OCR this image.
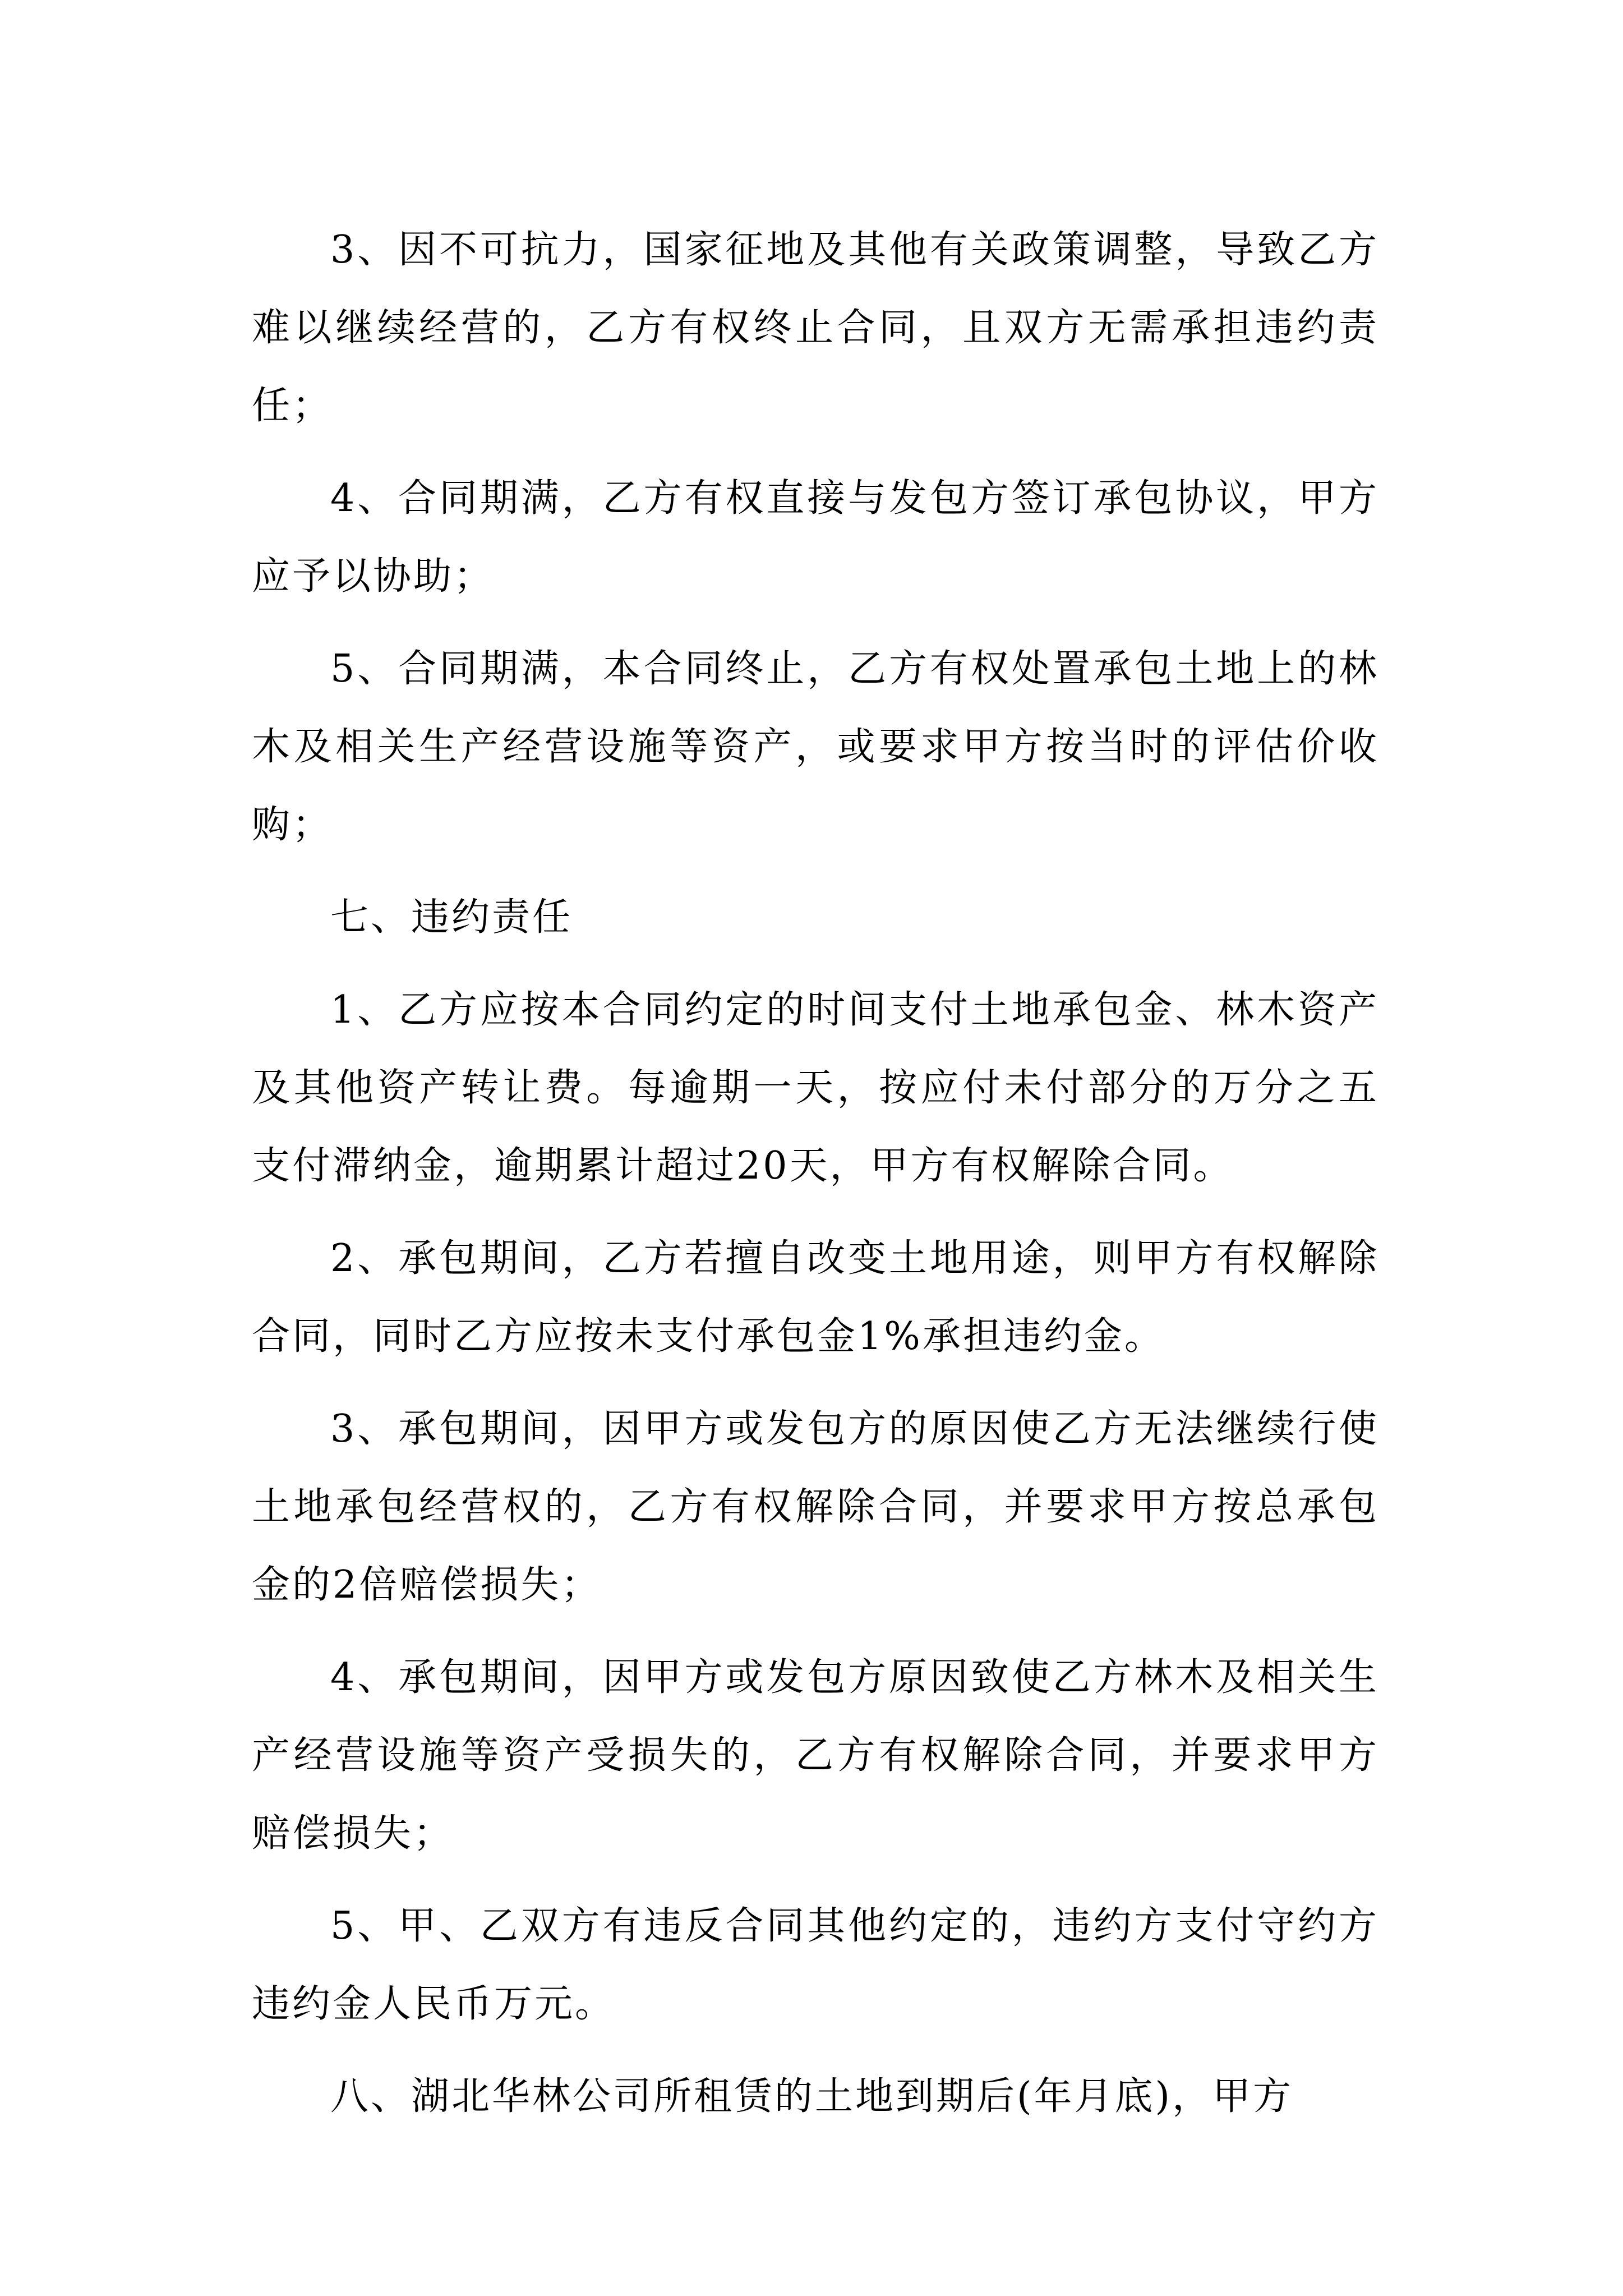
3、因不可抗力，国家征地及其他有关政策调整，导致乙方难以继续经营的，乙方有权终止合同，且双方无需承担违约责任；

4、合同期满，乙方有权直接与发包方签订承包协议，甲方应予以协助；

5、合同期满，本合同终止，乙方有权处置承包土地上的林木及相关生产经营设施等资产，或要求甲方按当时的评估价收购；

七、违约责任

1、乙方应按本合同约定的时间支付土地承包金、林木资产及其他资产转让费。每逾期一天，按应付未付部分的万分之五支付滞纳金，逾期累计超过20天，甲方有权解除合同。

2、承包期间，乙方若擅自改变土地用途，则甲方有权解除合同，同时乙方应按未支付承包金1%承担违约金。

3、承包期间，因甲方或发包方的原因使乙方无法继续行使土地承包经营权的，乙方有权解除合同，并要求甲方按总承包金的2倍赔偿损失；

4、承包期间，因甲方或发包方原因致使乙方林木及相关生产经营设施等资产受损失的，乙方有权解除合同，并要求甲方赔偿损失；

5、甲、乙双方有违反合同其他约定的，违约方支付守约方违约金人民币万元。

八、湖北华林公司所租赁的土地到期后(年月底)，甲方
